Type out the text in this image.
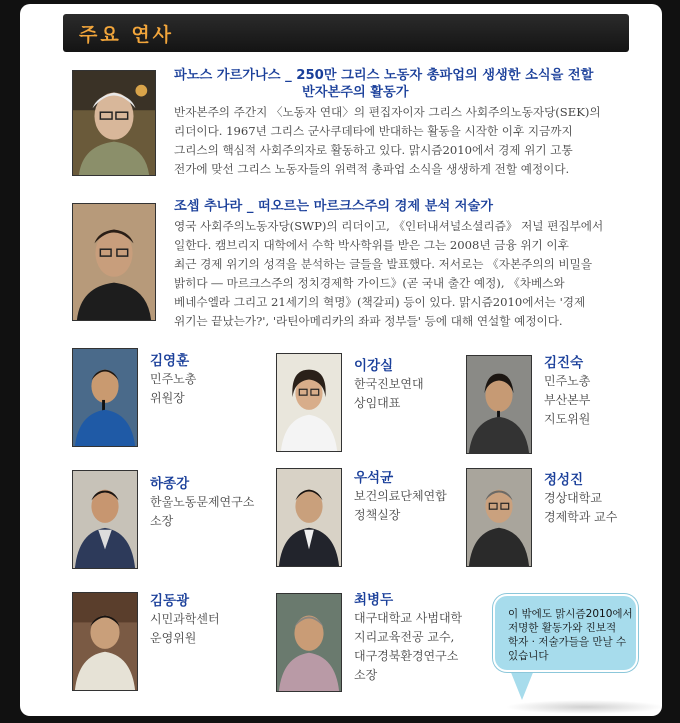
주요 연사
파노스 가르가나스 _ 250만 그리스 노동자 총파업의 생생한 소식을 전할
반자본주의 활동가
반자본주의 주간지 〈노동자 연대〉의 편집자이자 그리스 사회주의노동자당(SEK)의
리더이다. 1967년 그리스 군사쿠데타에 반대하는 활동을 시작한 이후 지금까지
그리스의 핵심적 사회주의자로 활동하고 있다. 맑시즘2010에서 경제 위기 고통
전가에 맞선 그리스 노동자들의 위력적 총파업 소식을 생생하게 전할 예정이다.
조셉 추나라 _ 떠오르는 마르크스주의 경제 분석 저술가
영국 사회주의노동자당(SWP)의 리더이고, 《인터내셔널소셜리즘》 저널 편집부에서
일한다. 캠브리지 대학에서 수학 박사학위를 받은 그는 2008년 금융 위기 이후
최근 경제 위기의 성격을 분석하는 글들을 발표했다. 저서로는 《자본주의의 비밀을
밝히다 ― 마르크스주의 정치경제학 가이드》(곧 국내 출간 예정), 《차베스와
베네수엘라 그리고 21세기의 혁명》(책갈피) 등이 있다. 맑시즘2010에서는 '경제
위기는 끝났는가?', '라틴아메리카의 좌파 정부들' 등에 대해 연설할 예정이다.
김영훈
민주노총
위원장
이강실
한국진보연대
상임대표
김진숙
민주노총
부산본부
지도위원
하종강
한울노동문제연구소
소장
우석균
보건의료단체연합
정책실장
정성진
경상대학교
경제학과 교수
김동광
시민과학센터
운영위원
최병두
대구대학교 사범대학
지리교육전공 교수,
대구경북환경연구소
소장
이 밖에도 맑시즘2010에서
저명한 활동가와 진보적
학자 · 저술가들을 만날 수
있습니다
